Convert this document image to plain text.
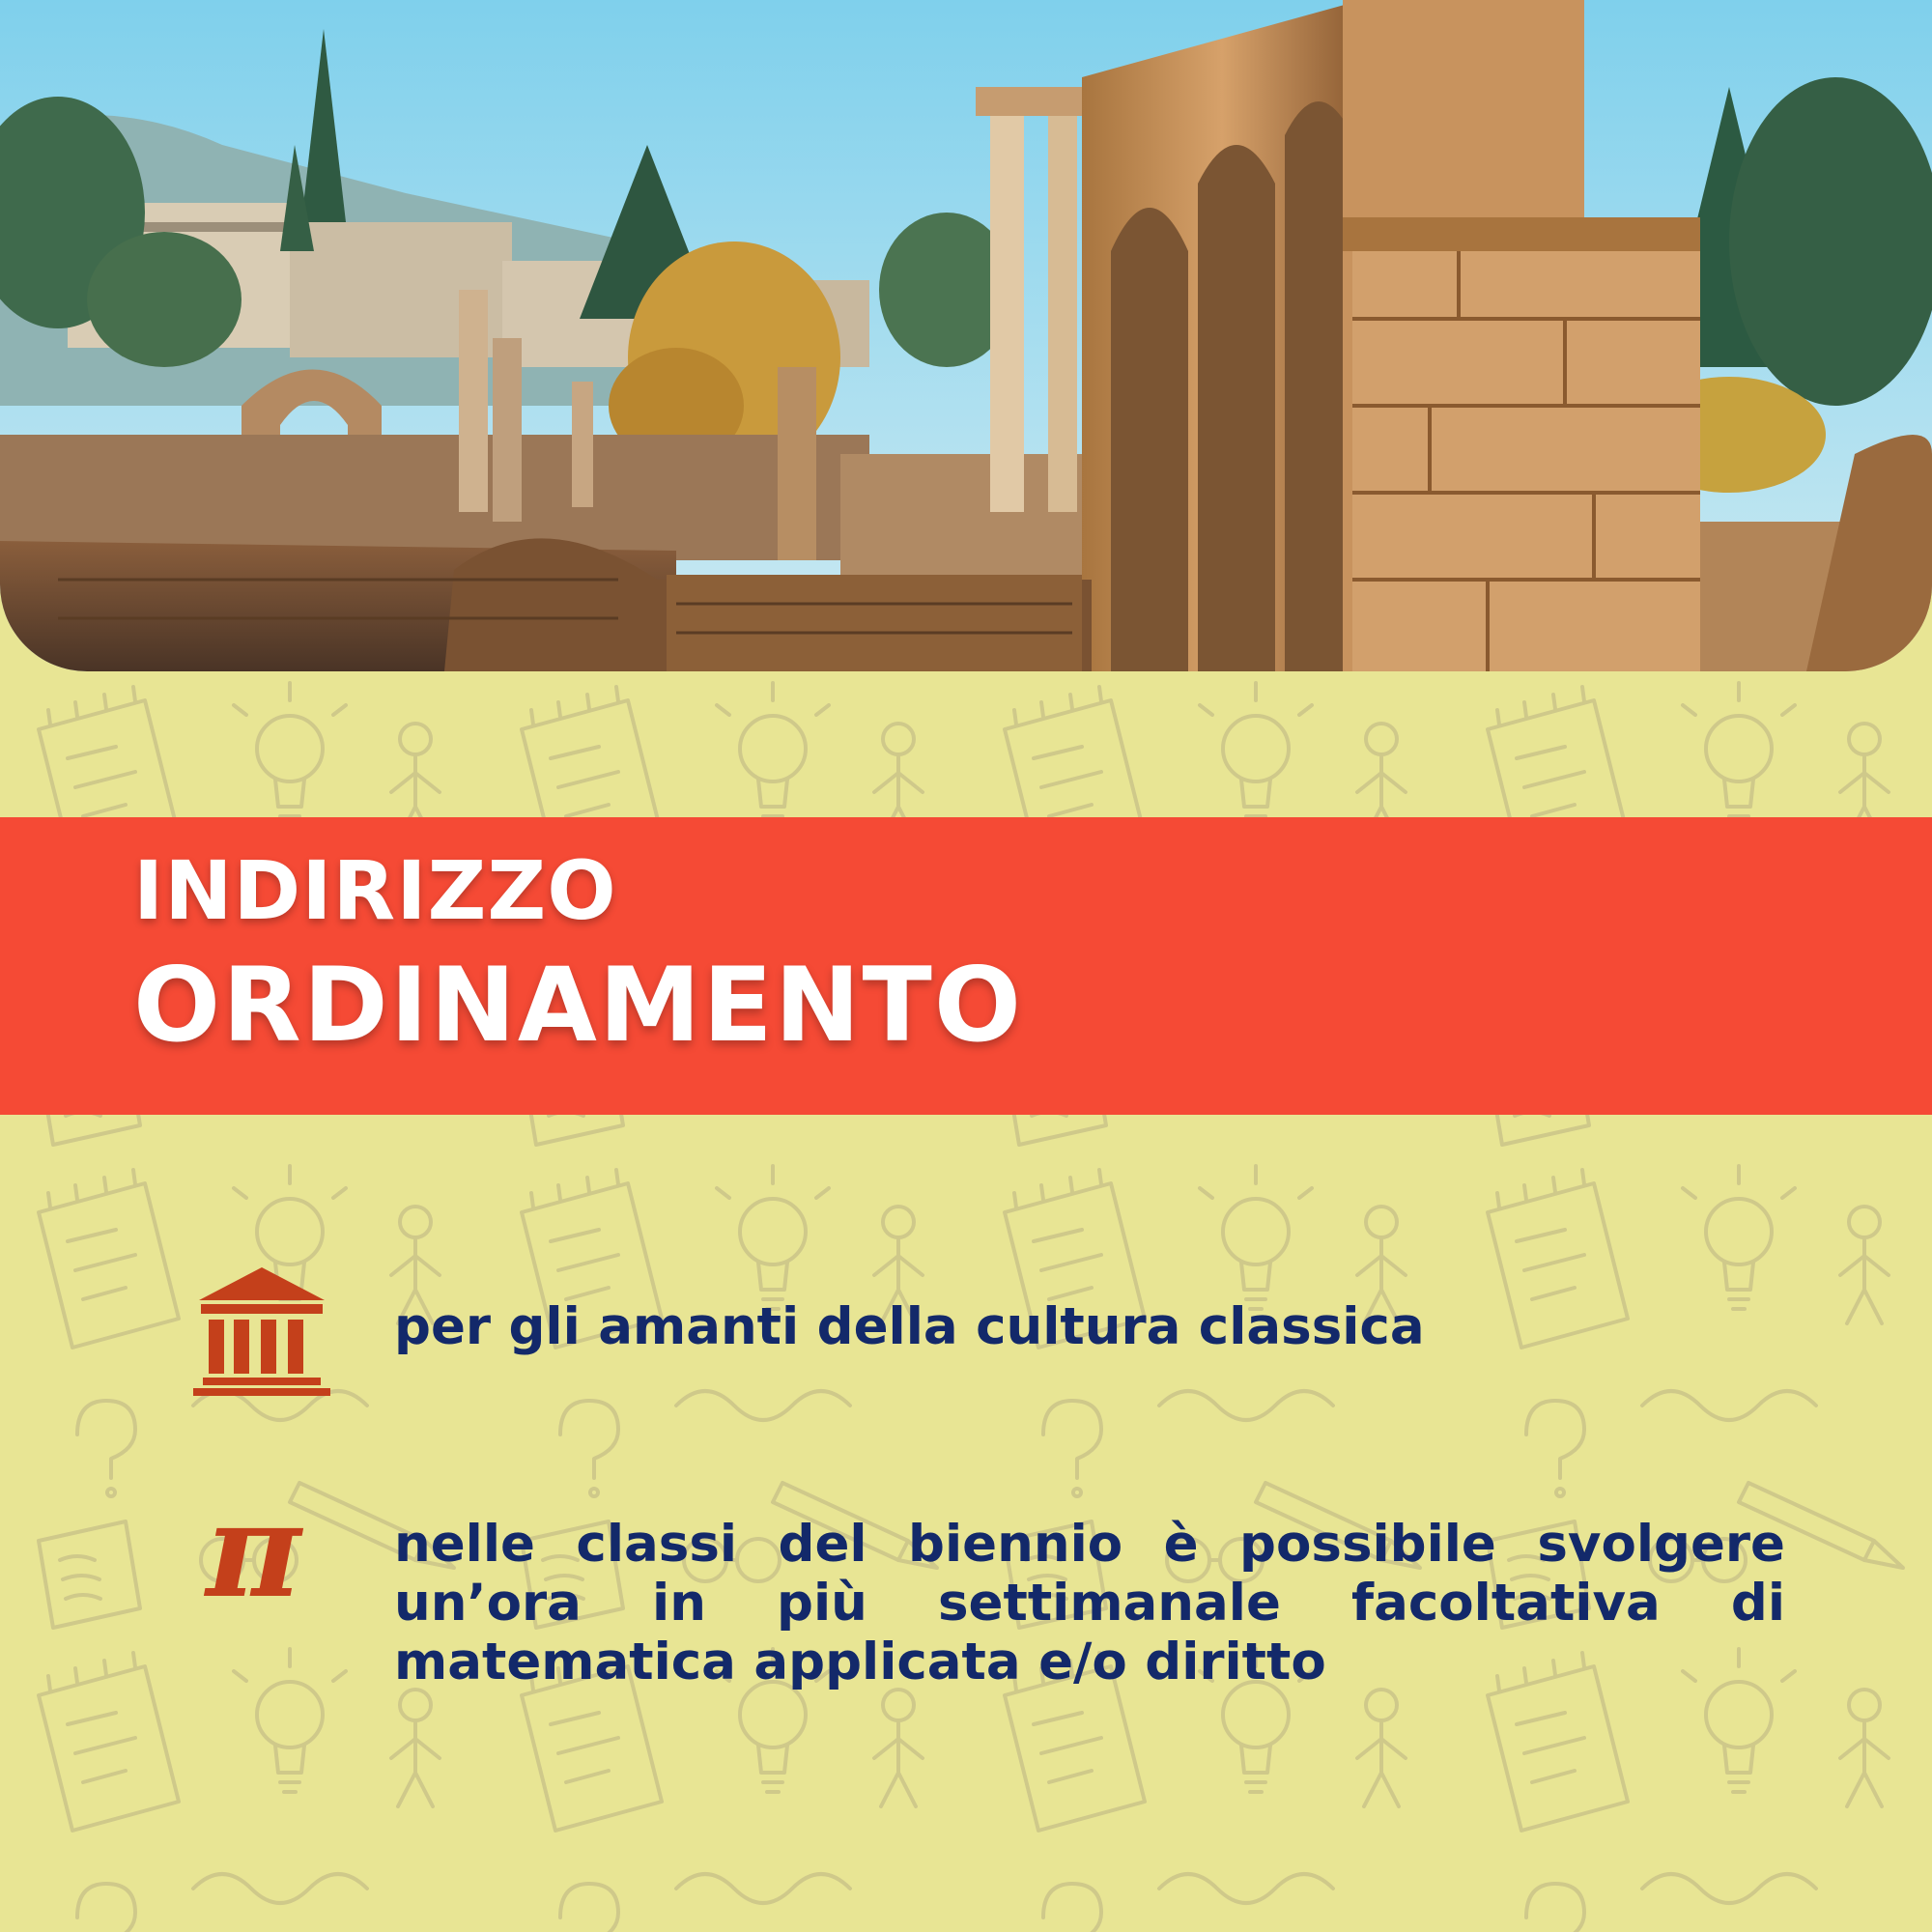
INDIRIZZO
ORDINAMENTO
per gli amanti della cultura classica
π	nelle classi del biennio è possibile svolgere un’ora in più settimanale facoltativa di matematica applicata e/o diritto
